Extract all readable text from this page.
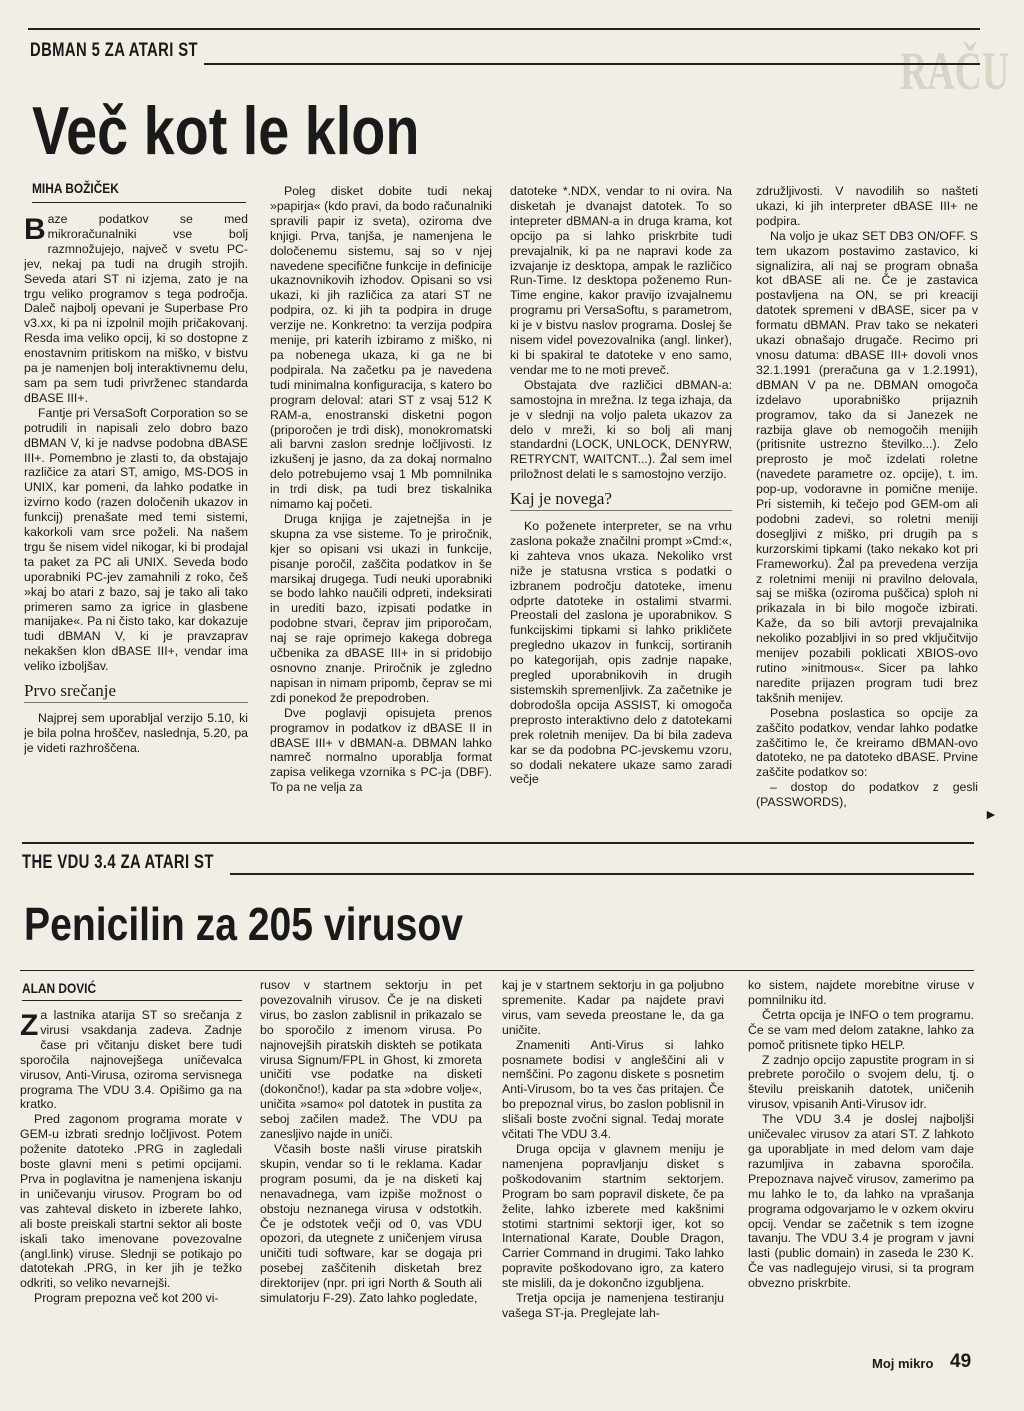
RAČU
DBMAN 5 ZA ATARI ST
Več kot le klon
MIHA BOŽIČEK

Baze podatkov se med mikroračunalniki vse bolj razmnožujejo, največ v svetu PC-jev, nekaj pa tudi na drugih strojih. Seveda atari ST ni izjema, zato je na trgu veliko programov s tega področja. Daleč najbolj opevani je Superbase Pro v3.xx, ki pa ni izpolnil mojih pričakovanj. Resda ima veliko opcij, ki so dostopne z enostavnim pritiskom na miško, v bistvu pa je namenjen bolj interaktivnemu delu, sam pa sem tudi privrženec standarda dBASE III+.

Fantje pri VersaSoft Corporation so se potrudili in napisali zelo dobro bazo dBMAN V, ki je nadvse podobna dBASE III+. Pomembno je zlasti to, da obstajajo različice za atari ST, amigo, MS-DOS in UNIX, kar pomeni, da lahko podatke in izvirno kodo (razen določenih ukazov in funkcij) prenašate med temi sistemi, kakorkoli vam srce poželi. Na našem trgu še nisem videl nikogar, ki bi prodajal ta paket za PC ali UNIX. Seveda bodo uporabniki PC-jev zamahnili z roko, češ »kaj bo atari z bazo, saj je tako ali tako primeren samo za igrice in glasbene manijake«. Pa ni čisto tako, kar dokazuje tudi dBMAN V, ki je pravzaprav nekakšen klon dBASE III+, vendar ima veliko izboljšav.

Prvo srečanje

Najprej sem uporabljal verzijo 5.10, ki je bila polna hroščev, naslednja, 5.20, pa je videti razhroščena.

Poleg disket dobite tudi nekaj »papirja« (kdo pravi, da bodo računalniki spravili papir iz sveta), oziroma dve knjigi. Prva, tanjša, je namenjena le določenemu sistemu, saj so v njej navedene specifične funkcije in definicije ukaznovnikovih izhodov. Opisani so vsi ukazi, ki jih različica za atari ST ne podpira, oz. ki jih ta podpira in druge verzije ne. Konkretno: ta verzija podpira menije, pri katerih izbiramo z miško, ni pa nobenega ukaza, ki ga ne bi podpirala. Na začetku pa je navedena tudi minimalna konfiguracija, s katero bo program deloval: atari ST z vsaj 512 K RAM-a, enostranski disketni pogon (priporočen je trdi disk), monokromatski ali barvni zaslon srednje ločljivosti. Iz izkušenj je jasno, da za dokaj normalno delo potrebujemo vsaj 1 Mb pomnilnika in trdi disk, pa tudi brez tiskalnika nimamo kaj početi.

Druga knjiga je zajetnejša in je skupna za vse sisteme. To je priročnik, kjer so opisani vsi ukazi in funkcije, pisanje poročil, zaščita podatkov in še marsikaj drugega. Tudi neuki uporabniki se bodo lahko naučili odpreti, indeksirati in urediti bazo, izpisati podatke in podobne stvari, čeprav jim priporočam, naj se raje oprimejo kakega dobrega učbenika za dBASE III+ in si pridobijo osnovno znanje. Priročnik je zgledno napisan in nimam pripomb, čeprav se mi zdi ponekod že prepodroben.

Dve poglavji opisujeta prenos programov in podatkov iz dBASE II in dBASE III+ v dBMAN-a. DBMAN lahko namreč normalno uporablja format zapisa velikega vzornika s PC-ja (DBF). To pa ne velja za

datoteke *.NDX, vendar to ni ovira. Na disketah je dvanajst datotek. To so intepreter dBMAN-a in druga krama, kot opcijo pa si lahko priskrbite tudi prevajalnik, ki pa ne napravi kode za izvajanje iz desktopa, ampak le različico Run-Time. Iz desktopa poženemo Run-Time engine, kakor pravijo izvajalnemu programu pri VersaSoftu, s parametrom, ki je v bistvu naslov programa. Doslej še nisem videl povezovalnika (angl. linker), ki bi spakiral te datoteke v eno samo, vendar me to ne moti preveč.

Obstajata dve različici dBMAN-a: samostojna in mrežna. Iz tega izhaja, da je v slednji na voljo paleta ukazov za delo v mreži, ki so bolj ali manj standardni (LOCK, UNLOCK, DENYRW, RETRYCNT, WAITCNT...). Žal sem imel priložnost delati le s samostojno verzijo.

Kaj je novega?

Ko poženete interpreter, se na vrhu zaslona pokaže značilni prompt »Cmd:«, ki zahteva vnos ukaza. Nekoliko vrst niže je statusna vrstica s podatki o izbranem področju datoteke, imenu odprte datoteke in ostalimi stvarmi. Preostali del zaslona je uporabnikov. S funkcijskimi tipkami si lahko prikličete pregledno ukazov in funkcij, sortiranih po kategorijah, opis zadnje napake, pregled uporabnikovih in drugih sistemskih spremenljivk. Za začetnike je dobrodošla opcija ASSIST, ki omogoča preprosto interaktivno delo z datotekami prek roletnih menijev. Da bi bila zadeva kar se da podobna PC-jevskemu vzoru, so dodali nekatere ukaze samo zaradi večje

združljivosti. V navodilih so našteti ukazi, ki jih interpreter dBASE III+ ne podpira.

Na voljo je ukaz SET DB3 ON/OFF. S tem ukazom postavimo zastavico, ki signalizira, ali naj se program obnaša kot dBASE ali ne. Če je zastavica postavljena na ON, se pri kreaciji datotek spremeni v dBASE, sicer pa v formatu dBMAN. Prav tako se nekateri ukazi obnašajo drugače. Recimo pri vnosu datuma: dBASE III+ dovoli vnos 32.1.1991 (preračuna ga v 1.2.1991), dBMAN V pa ne. DBMAN omogoča izdelavo uporabniško prijaznih programov, tako da si Janezek ne razbija glave ob nemogočih menijih (pritisnite ustrezno številko...). Zelo preprosto je moč izdelati roletne (navedete parametre oz. opcije), t. im. pop-up, vodoravne in pomične menije. Pri sistemih, ki tečejo pod GEM-om ali podobni zadevi, so roletni meniji dosegljivi z miško, pri drugih pa s kurzorskimi tipkami (tako nekako kot pri Frameworku). Žal pa prevedena verzija z roletnimi meniji ni pravilno delovala, saj se miška (oziroma puščica) sploh ni prikazala in bi bilo mogoče izbirati. Kaže, da so bili avtorji prevajalnika nekoliko pozabljivi in so pred vključitvijo menijev pozabili poklicati XBIOS-ovo rutino »initmous«. Sicer pa lahko naredite prijazen program tudi brez takšnih menijev.

Posebna poslastica so opcije za zaščito podatkov, vendar lahko podatke zaščitimo le, če kreiramo dBMAN-ovo datoteko, ne pa datoteko dBASE. Prvine zaščite podatkov so:

– dostop do podatkov z gesli (PASSWORDS),

►
THE VDU 3.4 ZA ATARI ST
Penicilin za 205 virusov
ALAN DOVIĆ

Za lastnika atarija ST so srečanja z virusi vsakdanja zadeva. Zadnje čase pri včitanju disket bere tudi sporočila najnovejšega uničevalca virusov, Anti-Virusa, oziroma servisnega programa The VDU 3.4. Opišimo ga na kratko.

Pred zagonom programa morate v GEM-u izbrati srednjo ločljivost. Potem poženite datoteko .PRG in zagledali boste glavni meni s petimi opcijami. Prva in poglavitna je namenjena iskanju in uničevanju virusov. Program bo od vas zahteval disketo in izberete lahko, ali boste preiskali startni sektor ali boste iskali tako imenovane povezovalne (angl.link) viruse. Slednji se potikajo po datotekah .PRG, in ker jih je težko odkriti, so veliko nevarnejši.

Program prepozna več kot 200 vi-

rusov v startnem sektorju in pet povezovalnih virusov. Če je na disketi virus, bo zaslon zablisnil in prikazalo se bo sporočilo z imenom virusa. Po najnovejših piratskih diskteh se potikata virusa Signum/FPL in Ghost, ki zmoreta uničiti vse podatke na disketi (dokončno!), kadar pa sta »dobre volje«, uničita »samo« pol datotek in pustita za seboj začilen madež. The VDU pa zanesljivo najde in uniči.

Včasih boste našli viruse piratskih skupin, vendar so ti le reklama. Kadar program posumi, da je na disketi kaj nenavadnega, vam izpiše možnost o obstoju neznanega virusa v odstotkih. Če je odstotek večji od 0, vas VDU opozori, da utegnete z uničenjem virusa uničiti tudi software, kar se dogaja pri posebej zaščitenih disketah brez direktorijev (npr. pri igri North & South ali simulatorju F-29). Zato lahko pogledate,

kaj je v startnem sektorju in ga poljubno spremenite. Kadar pa najdete pravi virus, vam seveda preostane le, da ga uničite.

Znameniti Anti-Virus si lahko posnamete bodisi v angleščini ali v nemščini. Po zagonu diskete s posnetim Anti-Virusom, bo ta ves čas pritajen. Če bo prepoznal virus, bo zaslon poblisnil in slišali boste zvočni signal. Tedaj morate včitati The VDU 3.4.

Druga opcija v glavnem meniju je namenjena popravljanju disket s poškodovanim startnim sektorjem. Program bo sam popravil diskete, če pa želite, lahko izberete med kakšnimi stotimi startnimi sektorji iger, kot so International Karate, Double Dragon, Carrier Command in drugimi. Tako lahko popravite poškodovano igro, za katero ste mislili, da je dokončno izgubljena.

Tretja opcija je namenjena testiranju vašega ST-ja. Preglejate lah-

ko sistem, najdete morebitne viruse v pomnilniku itd.

Četrta opcija je INFO o tem programu. Če se vam med delom zatakne, lahko za pomoč pritisnete tipko HELP.

Z zadnjo opcijo zapustite program in si prebrete poročilo o svojem delu, tj. o številu preiskanih datotek, uničenih virusov, vpisanih Anti-Virusov idr.

The VDU 3.4 je doslej najboljši uničevalec virusov za atari ST. Z lahkoto ga uporabljate in med delom vam daje razumljiva in zabavna sporočila. Prepoznava največ virusov, zamerimo pa mu lahko le to, da lahko na vprašanja programa odgovarjamo le v ozkem okviru opcij. Vendar se začetnik s tem izogne tavanju. The VDU 3.4 je program v javni lasti (public domain) in zaseda le 230 K. Če vas nadlegujejo virusi, si ta program obvezno priskrbite.

Moj mikro 49
